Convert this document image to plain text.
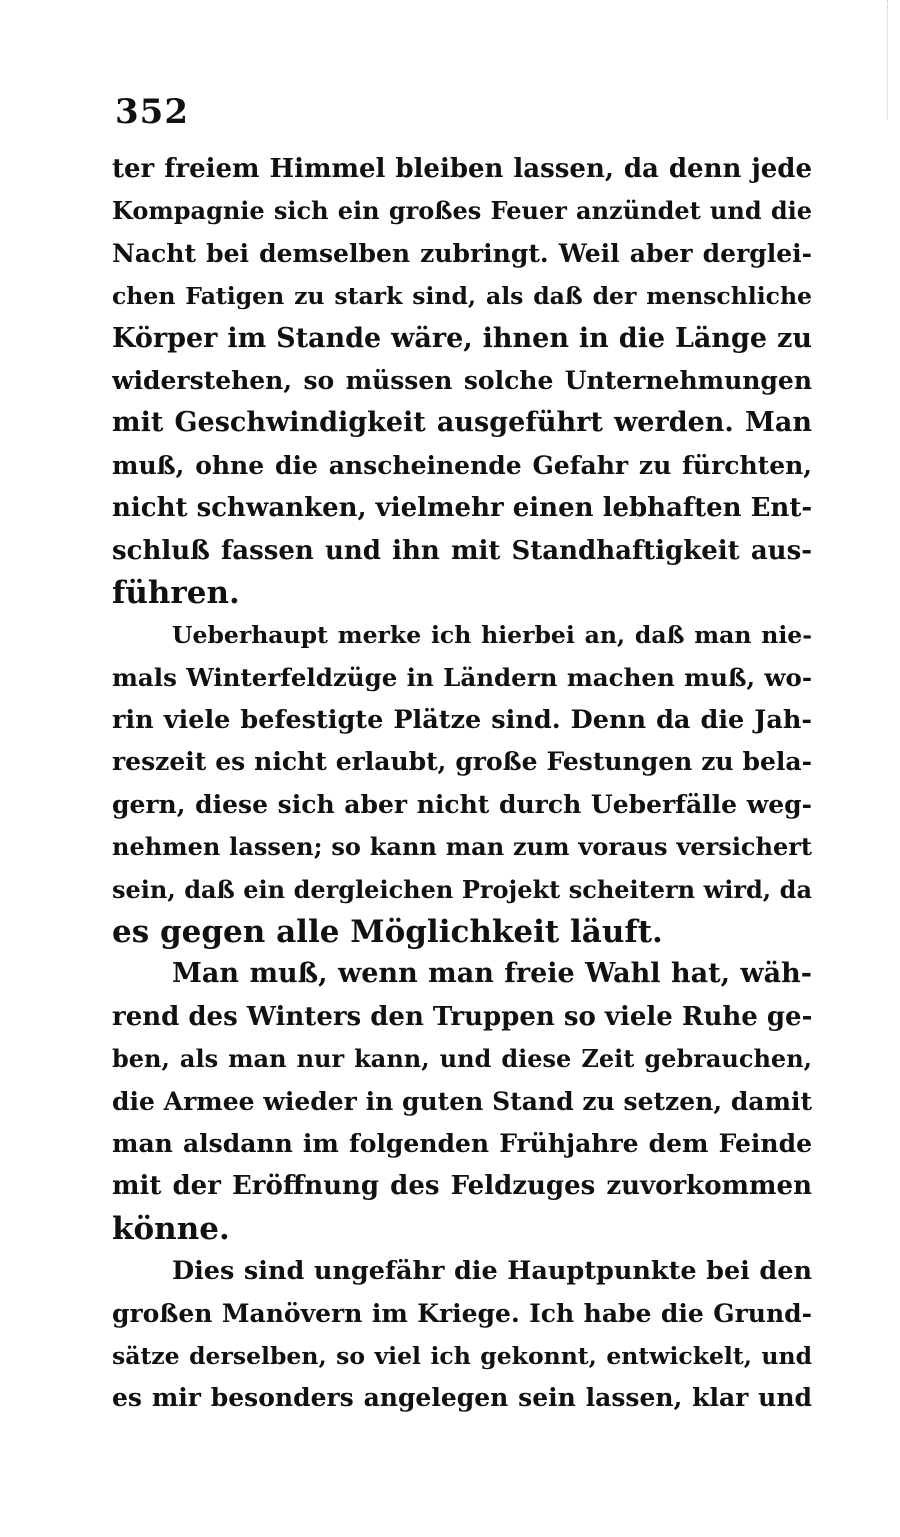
352
ter freiem Himmel bleiben lassen, da denn jede
Kompagnie sich ein großes Feuer anzündet und die
Nacht bei demselben zubringt. Weil aber derglei-
chen Fatigen zu stark sind, als daß der menschliche
Körper im Stande wäre, ihnen in die Länge zu
widerstehen, so müssen solche Unternehmungen
mit Geschwindigkeit ausgeführt werden. Man
muß, ohne die anscheinende Gefahr zu fürchten,
nicht schwanken, vielmehr einen lebhaften Ent-
schluß fassen und ihn mit Standhaftigkeit aus-
führen.
Ueberhaupt merke ich hierbei an, daß man nie-
mals Winterfeldzüge in Ländern machen muß, wo-
rin viele befestigte Plätze sind. Denn da die Jah-
reszeit es nicht erlaubt, große Festungen zu bela-
gern, diese sich aber nicht durch Ueberfälle weg-
nehmen lassen; so kann man zum voraus versichert
sein, daß ein dergleichen Projekt scheitern wird, da
es gegen alle Möglichkeit läuft.
Man muß, wenn man freie Wahl hat, wäh-
rend des Winters den Truppen so viele Ruhe ge-
ben, als man nur kann, und diese Zeit gebrauchen,
die Armee wieder in guten Stand zu setzen, damit
man alsdann im folgenden Frühjahre dem Feinde
mit der Eröffnung des Feldzuges zuvorkommen
könne.
Dies sind ungefähr die Hauptpunkte bei den
großen Manövern im Kriege. Ich habe die Grund-
sätze derselben, so viel ich gekonnt, entwickelt, und
es mir besonders angelegen sein lassen, klar und
